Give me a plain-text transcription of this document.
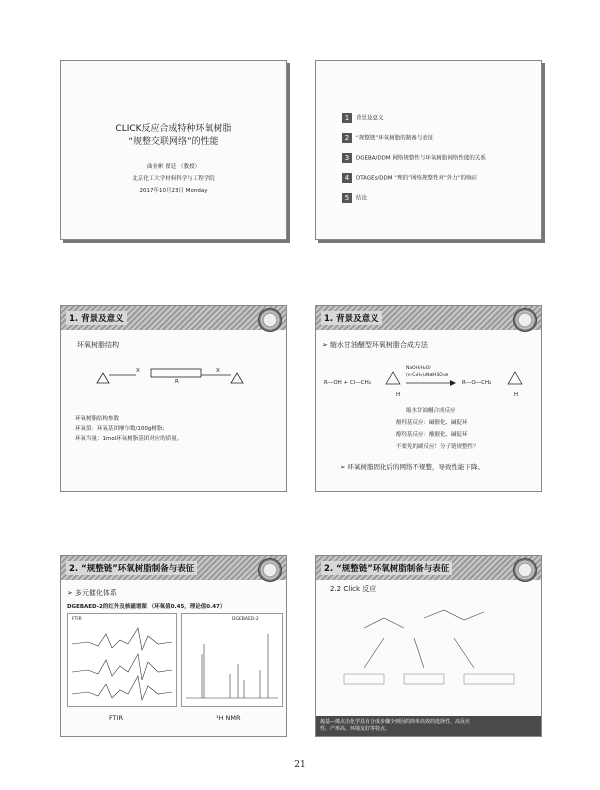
CLICK反应合成特种环氧树脂
“规整交联网络”的性能
曲业彬 翟廷 （教授）
北京化工大学材料科学与工程学院
2017年10月23日 Monday
1 背景及意义
2 “规整链”环氧树脂的制备与表征
3 DGEBA/DDM 网络规整性与环氧树脂网络性能的关系
4 DTAGEs/DDM “理的”网络规整性对“外力”的响应
5 结论
1. 背景及意义
环氧树脂结构
X
R
X
环氧树脂结构参数
环氧值：环氧基团摩尔数/100g树脂；
环氧当量：1mol环氧树脂基团对应的质量。
1. 背景及意义
➢ 缩水甘油醚型环氧树脂合成方法
R—OH + Cl—CH₂
NaOH/H₂O/
(n-C₄H₉)₄N⊕HSO₄⊖
→ R—O—CH₂
H	H
缩水甘油醚合成反应
酚羟基反应：碱催化、碱促环
醇羟基反应：酸催化、碱促环
不要免的副反应！分子链规整性？
➢ 环氧树脂固化后的网络不规整，导致性能下降。
2. “规整链”环氧树脂制备与表征
➢ 多元催化体系
DGEBAED-2的红外及核磁谱图 （环氧值0.45，理论值0.47）
FTIR	DGEBAED-2
FTIR	¹H NMR
2. “规整链”环氧树脂制备与表征
2.2 Click 反应
巯基—烯点击化学具有合成步骤少到因的简单高效的选择性、高反应性、产率高、环境友好等特点。
21
